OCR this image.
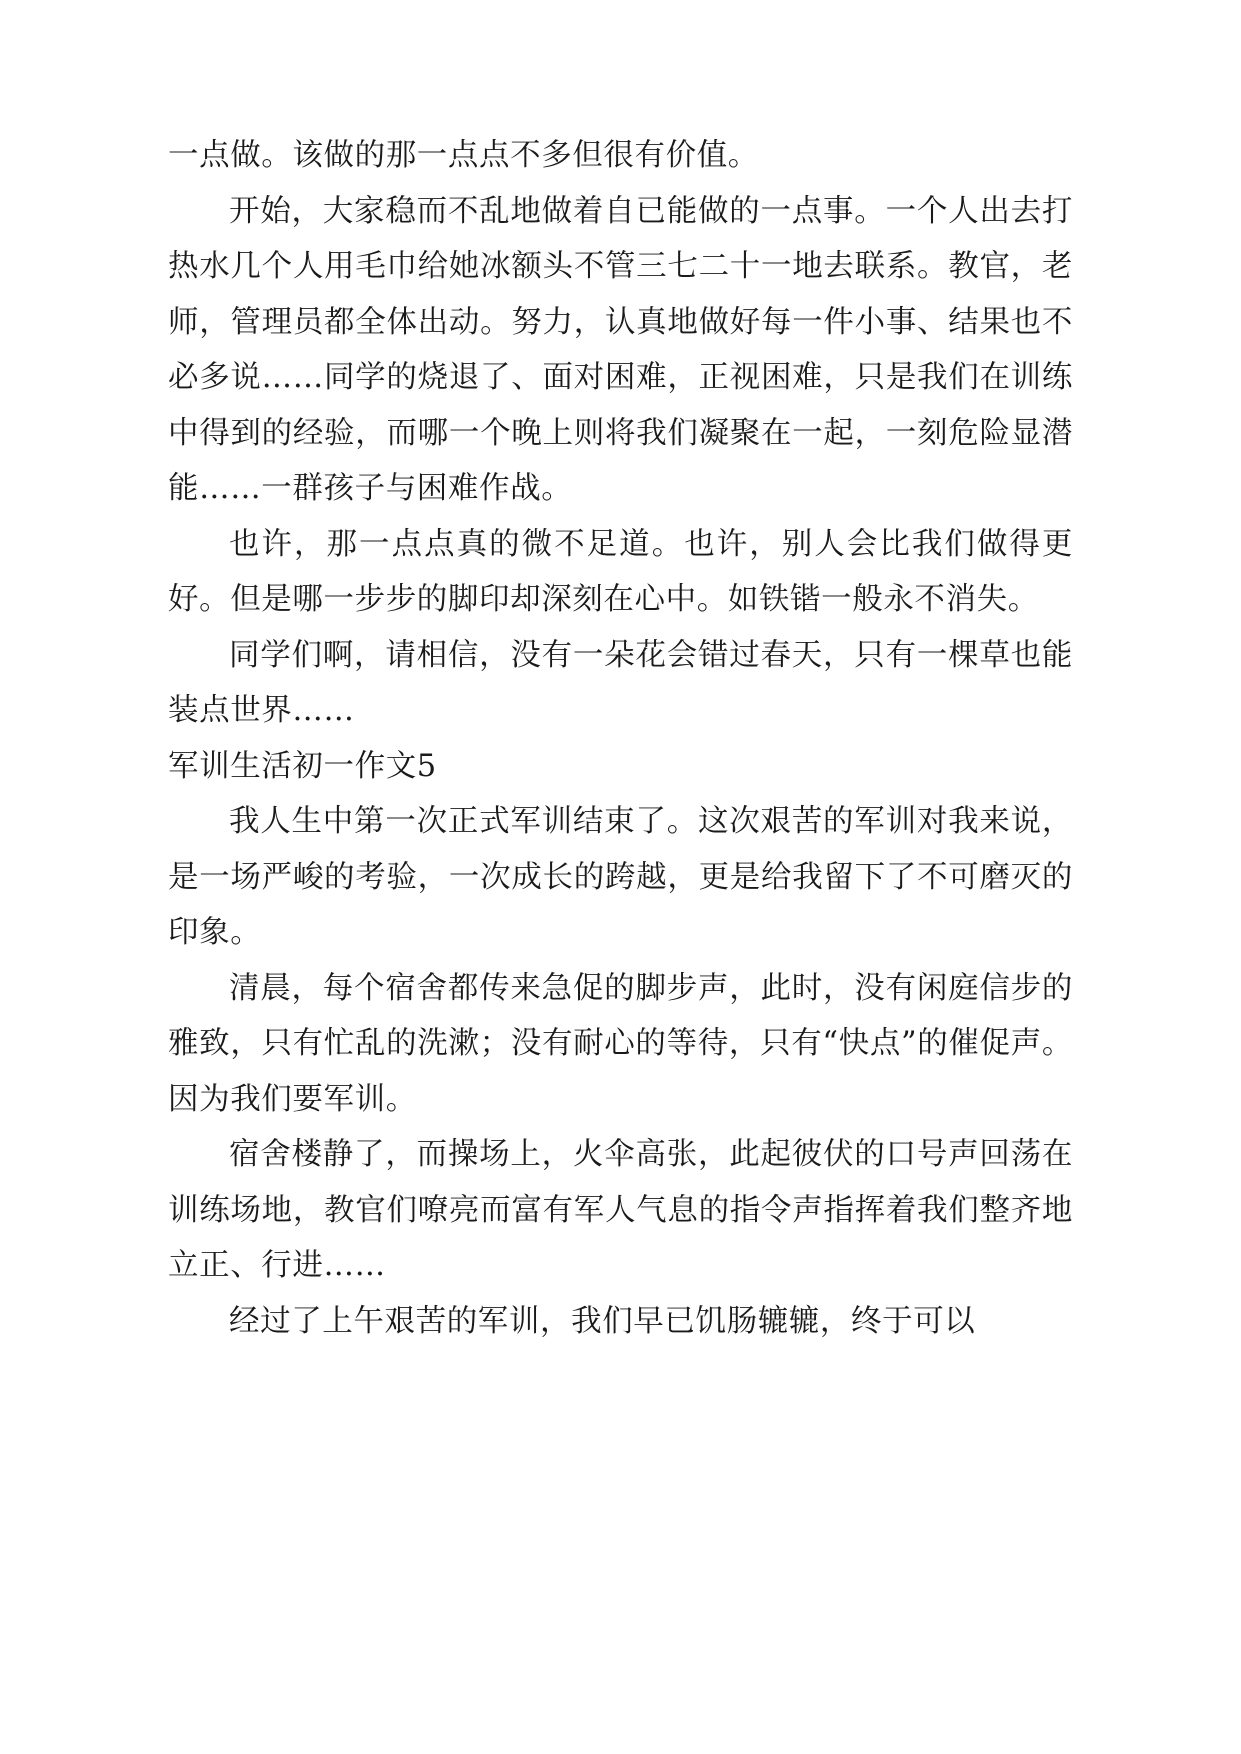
一点做。该做的那一点点不多但很有价值。

开始，大家稳而不乱地做着自已能做的一点事。一个人出去打热水几个人用毛巾给她冰额头不管三七二十一地去联系。教官，老师，管理员都全体出动。努力，认真地做好每一件小事、结果也不必多说……同学的烧退了、面对困难，正视困难，只是我们在训练中得到的经验，而哪一个晚上则将我们凝聚在一起，一刻危险显潜能……一群孩子与困难作战。

也许，那一点点真的微不足道。也许，别人会比我们做得更好。但是哪一步步的脚印却深刻在心中。如铁锴一般永不消失。

同学们啊，请相信，没有一朵花会错过春天，只有一棵草也能装点世界……

军训生活初一作文5

我人生中第一次正式军训结束了。这次艰苦的军训对我来说，是一场严峻的考验，一次成长的跨越，更是给我留下了不可磨灭的印象。

清晨，每个宿舍都传来急促的脚步声，此时，没有闲庭信步的雅致，只有忙乱的洗漱；没有耐心的等待，只有“快点”的催促声。因为我们要军训。

宿舍楼静了，而操场上，火伞高张，此起彼伏的口号声回荡在训练场地，教官们嘹亮而富有军人气息的指令声指挥着我们整齐地立正、行进……

经过了上午艰苦的军训，我们早已饥肠辘辘，终于可以
